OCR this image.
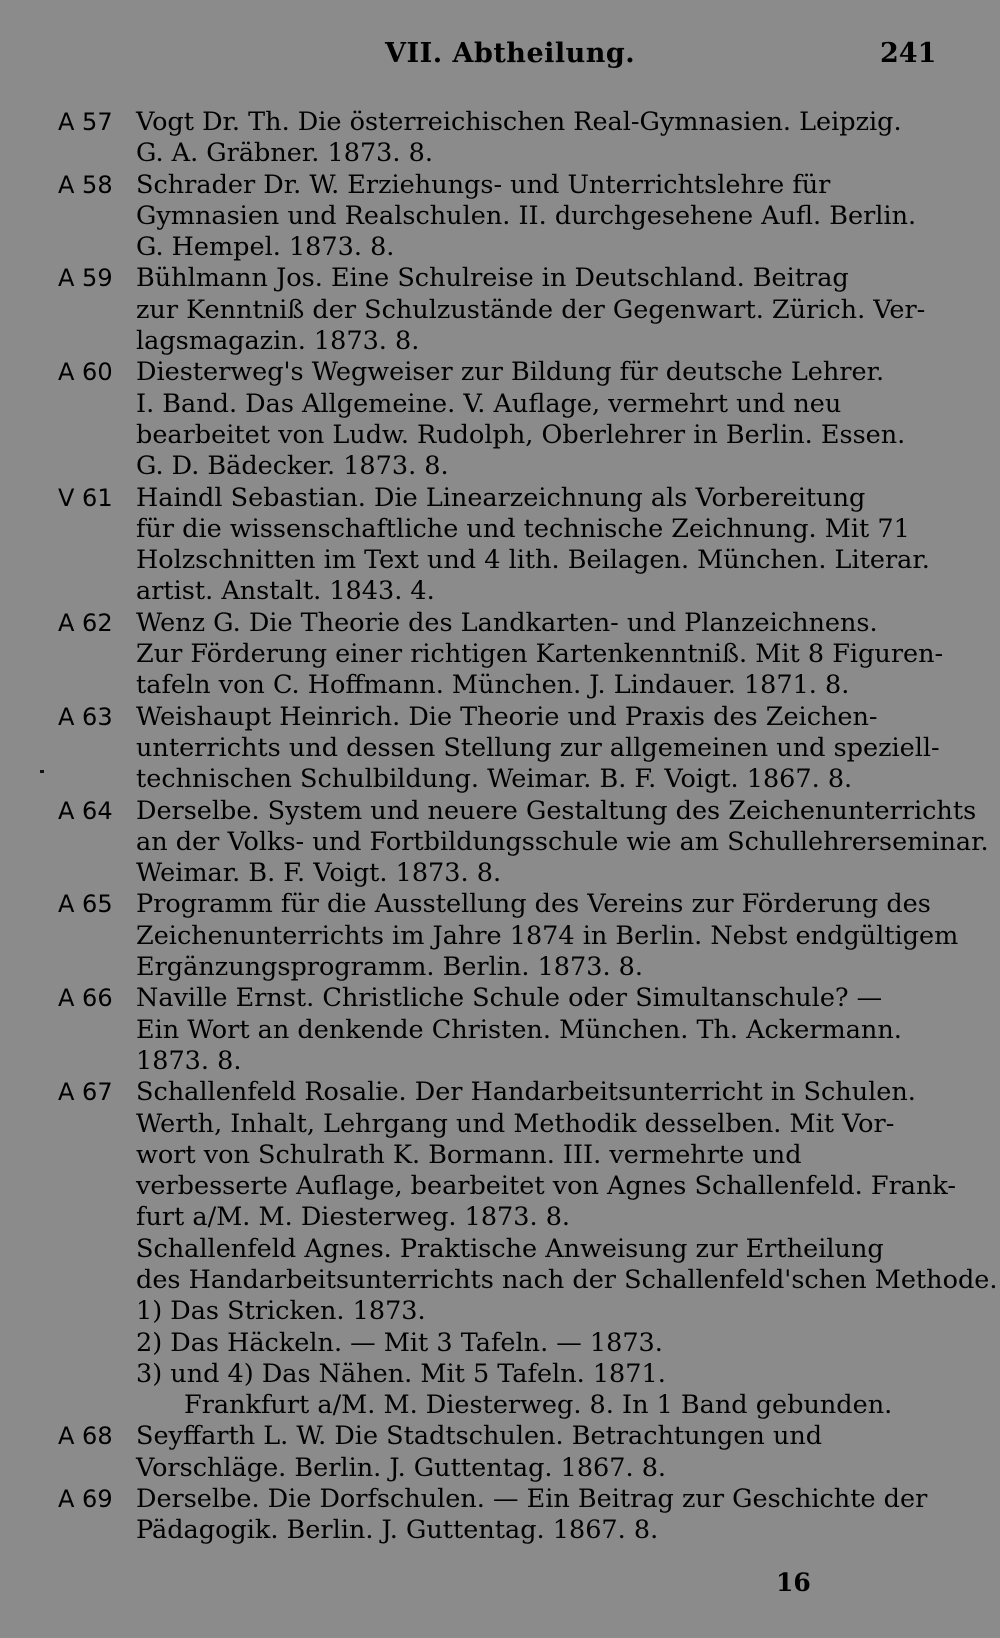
VII. Abtheilung.	241
A 57 Vogt Dr. Th. Die österreichischen Real-Gymnasien. Leipzig.
G. A. Gräbner. 1873. 8.
A 58 Schrader Dr. W. Erziehungs- und Unterrichtslehre für
Gymnasien und Realschulen. II. durchgesehene Aufl. Berlin.
G. Hempel. 1873. 8.
A 59 Bühlmann Jos. Eine Schulreise in Deutschland. Beitrag
zur Kenntniß der Schulzustände der Gegenwart. Zürich. Ver-
lagsmagazin. 1873. 8.
A 60 Diesterweg's Wegweiser zur Bildung für deutsche Lehrer.
I. Band. Das Allgemeine. V. Auflage, vermehrt und neu
bearbeitet von Ludw. Rudolph, Oberlehrer in Berlin. Essen.
G. D. Bädecker. 1873. 8.
V 61 Haindl Sebastian. Die Linearzeichnung als Vorbereitung
für die wissenschaftliche und technische Zeichnung. Mit 71
Holzschnitten im Text und 4 lith. Beilagen. München. Literar.
artist. Anstalt. 1843. 4.
A 62 Wenz G. Die Theorie des Landkarten- und Planzeichnens.
Zur Förderung einer richtigen Kartenkenntniß. Mit 8 Figuren-
tafeln von C. Hoffmann. München. J. Lindauer. 1871. 8.
A 63 Weishaupt Heinrich. Die Theorie und Praxis des Zeichen-
unterrichts und dessen Stellung zur allgemeinen und speziell-
technischen Schulbildung. Weimar. B. F. Voigt. 1867. 8.
A 64 Derselbe. System und neuere Gestaltung des Zeichenunterrichts
an der Volks- und Fortbildungsschule wie am Schullehrerseminar.
Weimar. B. F. Voigt. 1873. 8.
A 65 Programm für die Ausstellung des Vereins zur Förderung des
Zeichenunterrichts im Jahre 1874 in Berlin. Nebst endgültigem
Ergänzungsprogramm. Berlin. 1873. 8.
A 66 Naville Ernst. Christliche Schule oder Simultanschule? —
Ein Wort an denkende Christen. München. Th. Ackermann.
1873. 8.
A 67 Schallenfeld Rosalie. Der Handarbeitsunterricht in Schulen.
Werth, Inhalt, Lehrgang und Methodik desselben. Mit Vor-
wort von Schulrath K. Bormann. III. vermehrte und
verbesserte Auflage, bearbeitet von Agnes Schallenfeld. Frank-
furt a/M. M. Diesterweg. 1873. 8.
Schallenfeld Agnes. Praktische Anweisung zur Ertheilung
des Handarbeitsunterrichts nach der Schallenfeld'schen Methode.
1) Das Stricken. 1873.
2) Das Häckeln. — Mit 3 Tafeln. — 1873.
3) und 4) Das Nähen. Mit 5 Tafeln. 1871.
Frankfurt a/M. M. Diesterweg. 8. In 1 Band gebunden.
A 68 Seyffarth L. W. Die Stadtschulen. Betrachtungen und
Vorschläge. Berlin. J. Guttentag. 1867. 8.
A 69 Derselbe. Die Dorfschulen. — Ein Beitrag zur Geschichte der
Pädagogik. Berlin. J. Guttentag. 1867. 8.
16
